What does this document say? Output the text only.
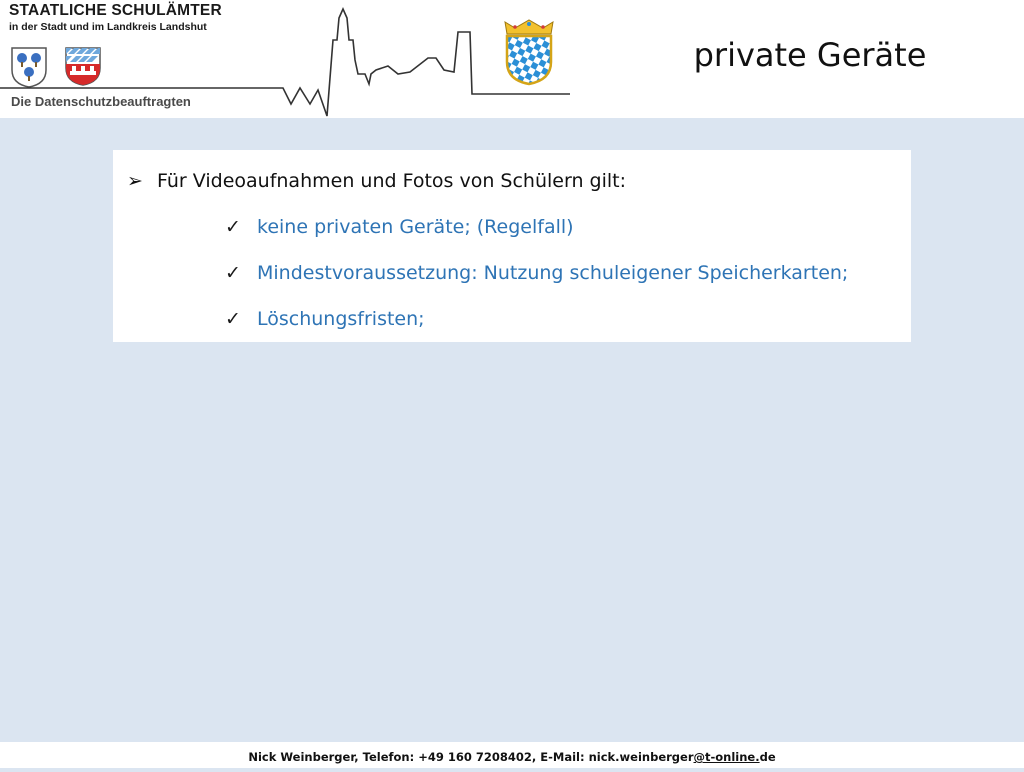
STAATLICHE SCHULÄMTER
in der Stadt und im Landkreis Landshut
Die Datenschutzbeauftragten
private Geräte
➢ Für Videoaufnahmen und Fotos von Schülern gilt:
✓ keine privaten Geräte; (Regelfall)
✓ Mindestvoraussetzung: Nutzung schuleigener Speicherkarten;
✓ Löschungsfristen;
Nick Weinberger, Telefon: +49 160 7208402, E-Mail: nick.weinberger@t-online.de
